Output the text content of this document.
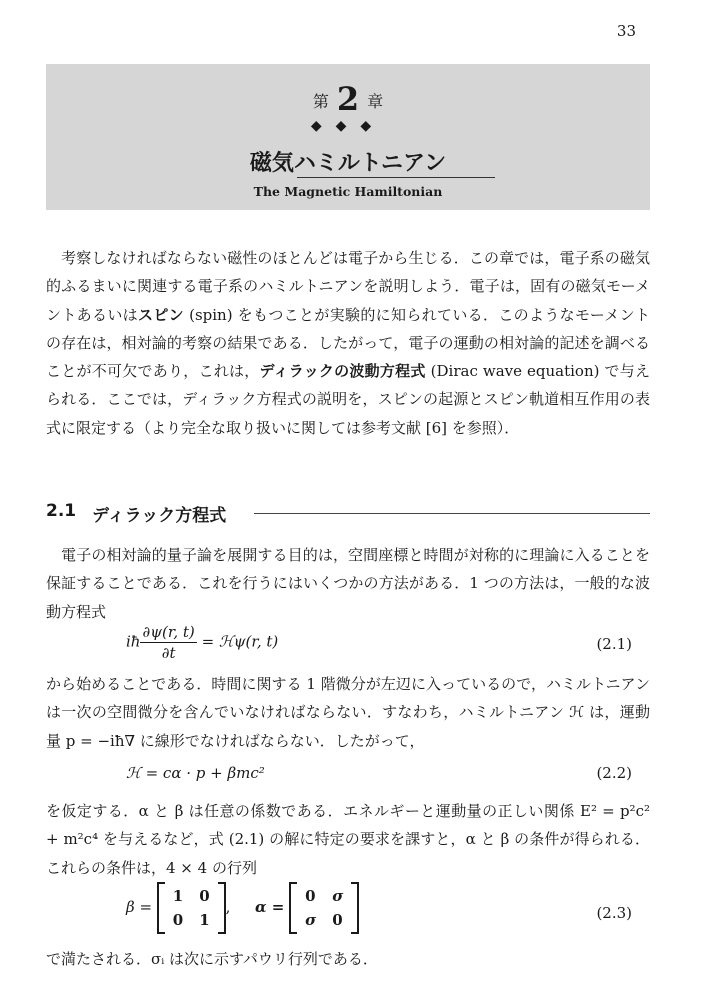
33
第 2 章
◆◆◆
磁気ハミルトニアン
The Magnetic Hamiltonian
　考察しなければならない磁性のほとんどは電子から生じる．この章では，電子系の磁気的ふるまいに関連する電子系のハミルトニアンを説明しよう．電子は，固有の磁気モーメントあるいはスピン (spin) をもつことが実験的に知られている．このようなモーメントの存在は，相対論的考察の結果である．したがって，電子の運動の相対論的記述を調べることが不可欠であり，これは，ディラックの波動方程式 (Dirac wave equation) で与えられる．ここでは，ディラック方程式の説明を，スピンの起源とスピン軌道相互作用の表式に限定する（より完全な取り扱いに関しては参考文献 [6] を参照）．
2.1 ディラック方程式
　電子の相対論的量子論を展開する目的は，空間座標と時間が対称的に理論に入ることを保証することである．これを行うにはいくつかの方法がある．1 つの方法は，一般的な波動方程式
iħ $\frac{\partial\psi(r, t)}{\partial t}$ = ℋψ(r, t)	(2.1)
から始めることである．時間に関する 1 階微分が左辺に入っているので，ハミルトニアンは一次の空間微分を含んでいなければならない．すなわち，ハミルトニアン ℋ は，運動量 p = −iħ∇ に線形でなければならない．したがって，
ℋ = cα · p + βmc²	(2.2)
を仮定する．α と β は任意の係数である．エネルギーと運動量の正しい関係 E² = p²c² + m²c⁴ を与えるなど，式 (2.1) の解に特定の要求を課すと，α と β の条件が得られる．これらの条件は，4 × 4 の行列
β =
1	0
0	1
,   α =
0	σ
σ	0	(2.3)
で満たされる．σᵢ は次に示すパウリ行列である．
